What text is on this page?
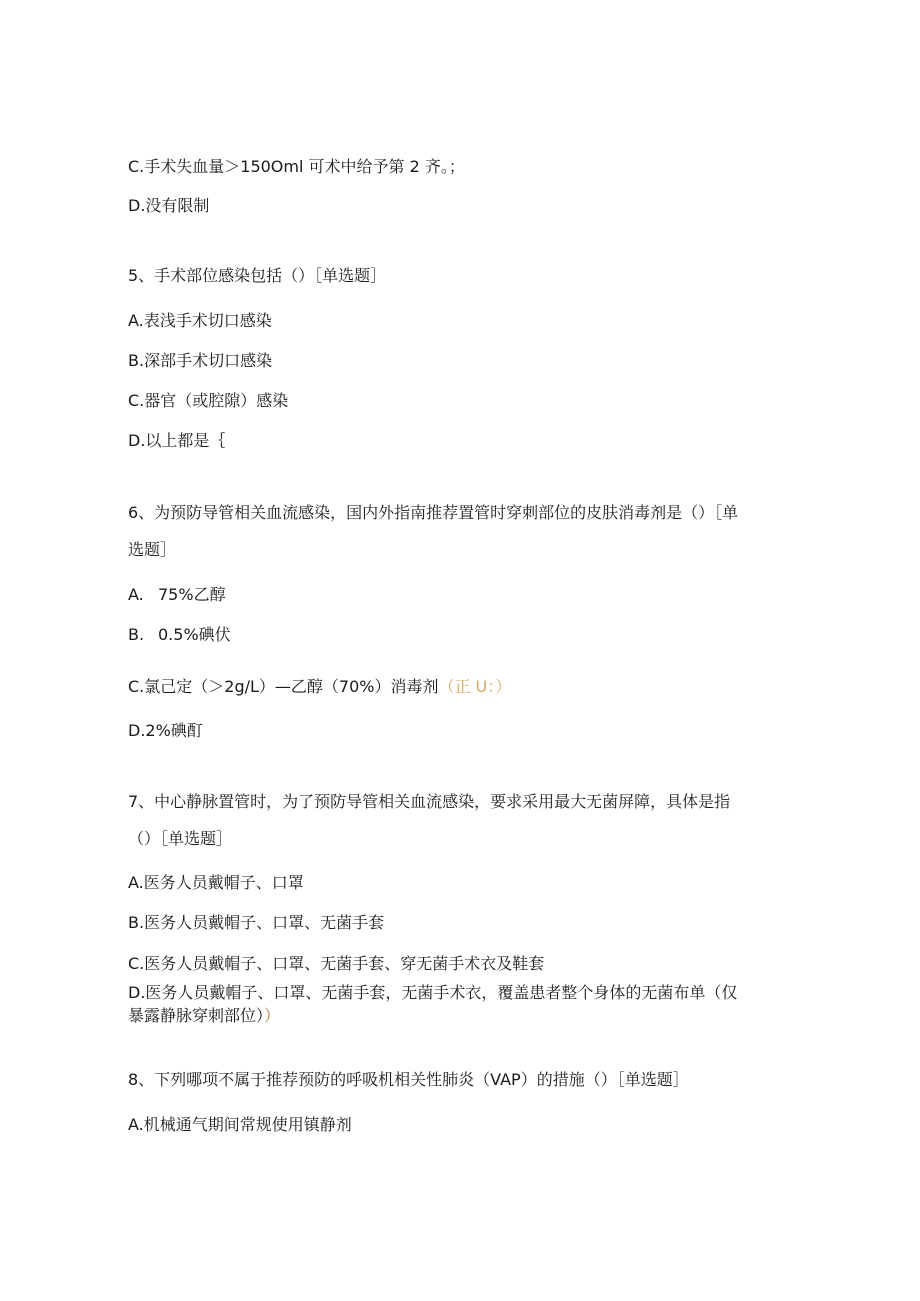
C.手术失血量＞150Oml 可术中给予第 2 齐。；
D.没有限制
5、手术部位感染包括（）［单选题］
A.表浅手术切口感染
B.深部手术切口感染
C.器官（或腔隙）感染
D.以上都是｛
6、为预防导管相关血流感染，国内外指南推荐置管时穿刺部位的皮肤消毒剂是（）［单
选题］
A. 75%乙醇
B. 0.5%碘伏
C.氯己定（＞2g/L）—乙醇（70%）消毒剂（正 U：）
D.2%碘酊
7、中心静脉置管时，为了预防导管相关血流感染，要求采用最大无菌屏障，具体是指
（）［单选题］
A.医务人员戴帽子、口罩
B.医务人员戴帽子、口罩、无菌手套
C.医务人员戴帽子、口罩、无菌手套、穿无菌手术衣及鞋套
D.医务人员戴帽子、口罩、无菌手套，无菌手术衣，覆盖患者整个身体的无菌布单（仅
暴露静脉穿刺部位））
8、下列哪项不属于推荐预防的呼吸机相关性肺炎（VAP）的措施（）［单选题］
A.机械通气期间常规使用镇静剂
